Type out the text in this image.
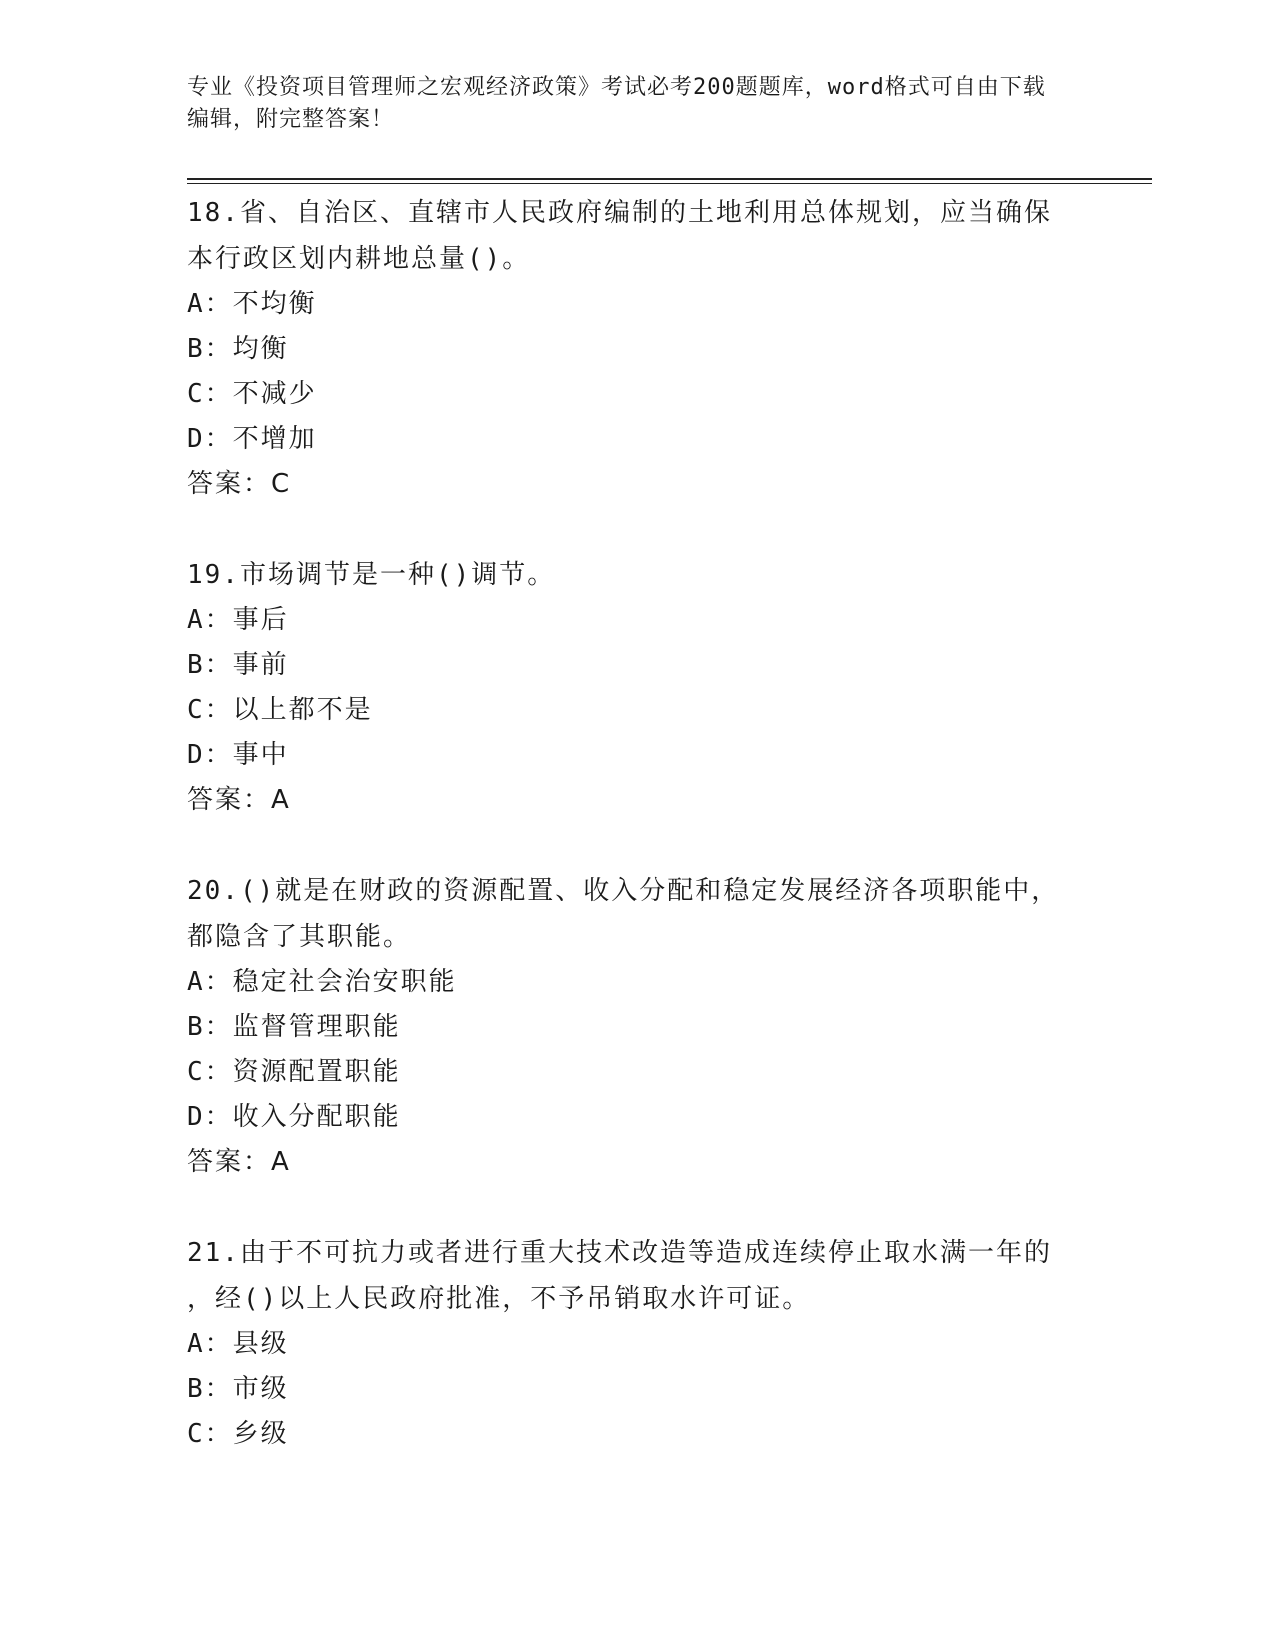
专业《投资项目管理师之宏观经济政策》考试必考200题题库，word格式可自由下载编辑，附完整答案！
18.省、自治区、直辖市人民政府编制的土地利用总体规划，应当确保
本行政区划内耕地总量()。
A：不均衡
B：均衡
C：不减少
D：不增加
答案：C
19.市场调节是一种()调节。
A：事后
B：事前
C：以上都不是
D：事中
答案：A
20.()就是在财政的资源配置、收入分配和稳定发展经济各项职能中，
都隐含了其职能。
A：稳定社会治安职能
B：监督管理职能
C：资源配置职能
D：收入分配职能
答案：A
21.由于不可抗力或者进行重大技术改造等造成连续停止取水满一年的
，经()以上人民政府批准，不予吊销取水许可证。
A：县级
B：市级
C：乡级
